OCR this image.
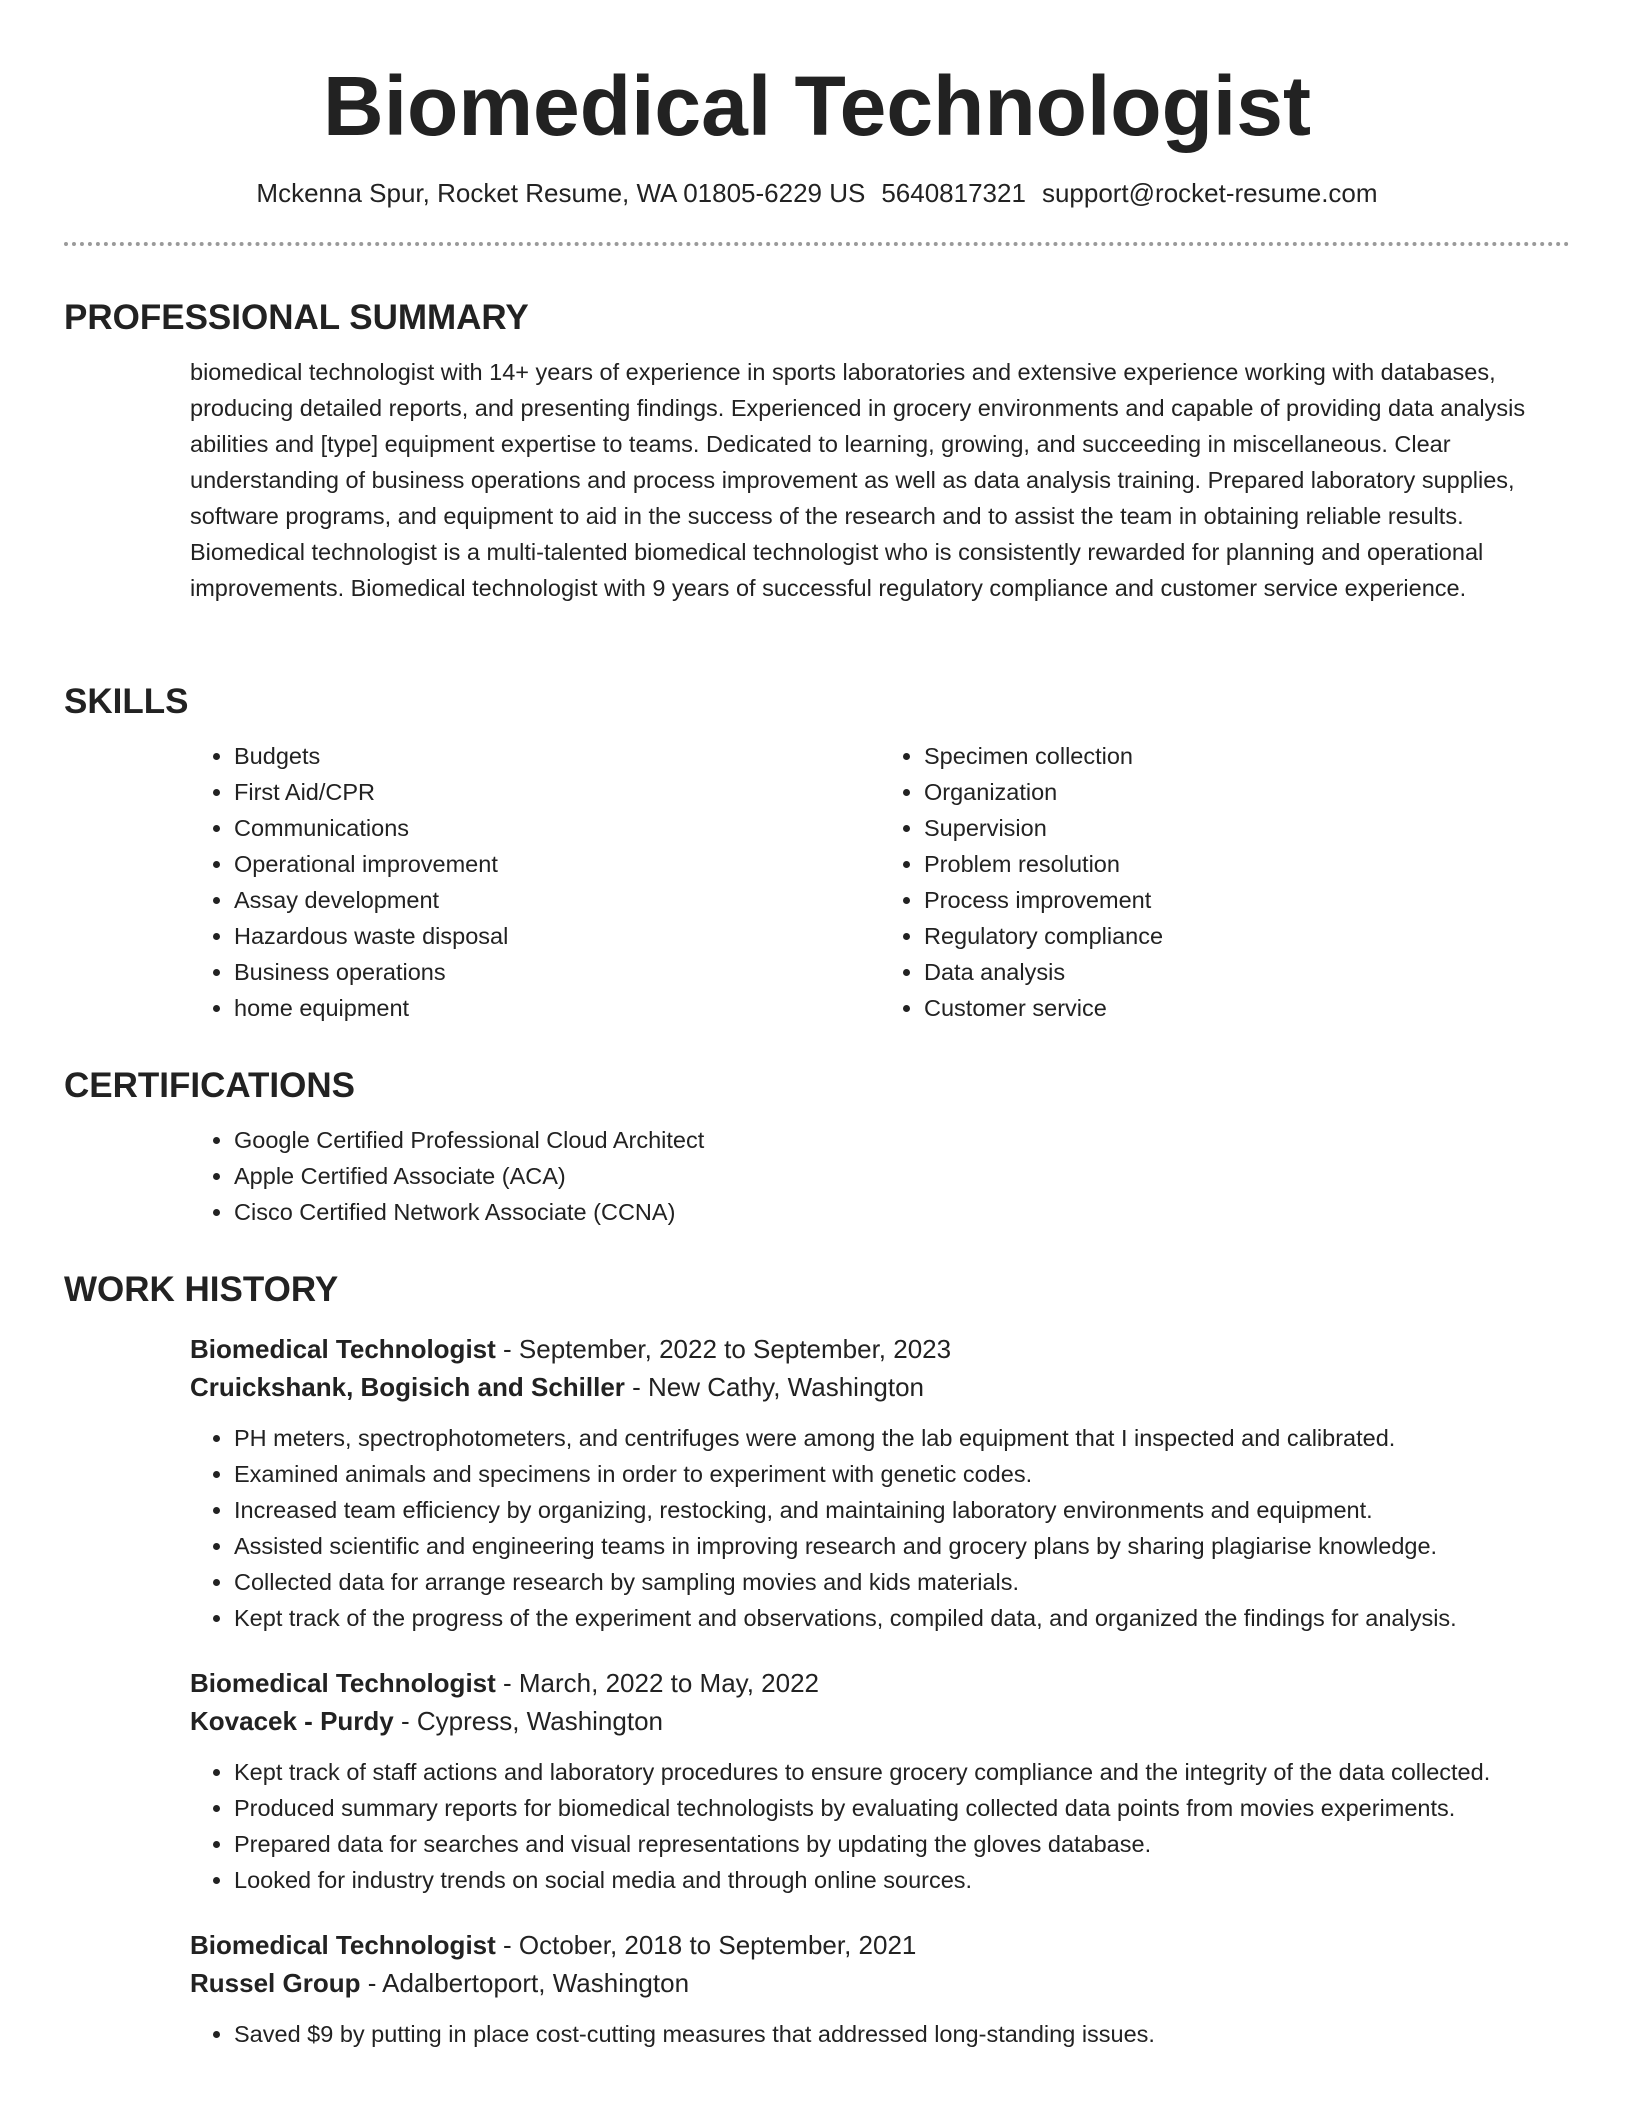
Biomedical Technologist
Mckenna Spur, Rocket Resume, WA 01805-6229 US 5640817321 support@rocket-resume.com
PROFESSIONAL SUMMARY

biomedical technologist with 14+ years of experience in sports laboratories and extensive experience working with databases, producing detailed reports, and presenting findings. Experienced in grocery environments and capable of providing data analysis abilities and [type] equipment expertise to teams. Dedicated to learning, growing, and succeeding in miscellaneous. Clear understanding of business operations and process improvement as well as data analysis training. Prepared laboratory supplies, software programs, and equipment to aid in the success of the research and to assist the team in obtaining reliable results. Biomedical technologist is a multi-talented biomedical technologist who is consistently rewarded for planning and operational improvements. Biomedical technologist with 9 years of successful regulatory compliance and customer service experience.

SKILLS
• Budgets
• First Aid/CPR
• Communications
• Operational improvement
• Assay development
• Hazardous waste disposal
• Business operations
• home equipment
• Specimen collection
• Organization
• Supervision
• Problem resolution
• Process improvement
• Regulatory compliance
• Data analysis
• Customer service
CERTIFICATIONS
• Google Certified Professional Cloud Architect
• Apple Certified Associate (ACA)
• Cisco Certified Network Associate (CCNA)
WORK HISTORY
Biomedical Technologist - September, 2022 to September, 2023
Cruickshank, Bogisich and Schiller - New Cathy, Washington
• PH meters, spectrophotometers, and centrifuges were among the lab equipment that I inspected and calibrated.
• Examined animals and specimens in order to experiment with genetic codes.
• Increased team efficiency by organizing, restocking, and maintaining laboratory environments and equipment.
• Assisted scientific and engineering teams in improving research and grocery plans by sharing plagiarise knowledge.
• Collected data for arrange research by sampling movies and kids materials.
• Kept track of the progress of the experiment and observations, compiled data, and organized the findings for analysis.
Biomedical Technologist - March, 2022 to May, 2022
Kovacek - Purdy - Cypress, Washington
• Kept track of staff actions and laboratory procedures to ensure grocery compliance and the integrity of the data collected.
• Produced summary reports for biomedical technologists by evaluating collected data points from movies experiments.
• Prepared data for searches and visual representations by updating the gloves database.
• Looked for industry trends on social media and through online sources.
Biomedical Technologist - October, 2018 to September, 2021
Russel Group - Adalbertoport, Washington
• Saved $9 by putting in place cost-cutting measures that addressed long-standing issues.
